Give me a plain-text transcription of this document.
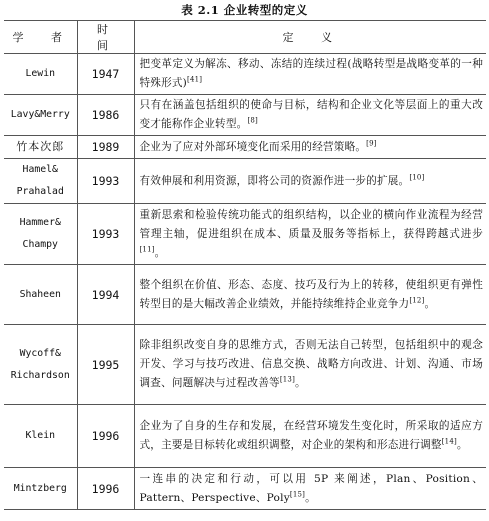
表 2.1 企业转型的定义
学 者	时 间	定 义
Lewin	1947	把变革定义为解冻、移动、冻结的连续过程(战略转型是战略变革的一种特殊形式)[41]
Lavy&Merry	1986	只有在涵盖包括组织的使命与目标，结构和企业文化等层面上的重大改变才能称作企业转型。[8]
竹本次郎	1989	企业为了应对外部环境变化而采用的经营策略。[9]
Hamel&
Prahalad	1993	有效伸展和利用资源，即将公司的资源作进一步的扩展。[10]
Hammer&
Champy	1993	重新思索和检验传统功能式的组织结构，以企业的横向作业流程为经营管理主轴，促进组织在成本、质量及服务等指标上，获得跨越式进步[11]。
Shaheen	1994	整个组织在价值、形态、态度、技巧及行为上的转移，使组织更有弹性转型目的是大幅改善企业绩效，并能持续维持企业竞争力[12]。
Wycoff&
Richardson	1995	除非组织改变自身的思维方式，否则无法自己转型，包括组织中的观念开发、学习与技巧改进、信息交换、战略方向改进、计划、沟通、市场调查、问题解决与过程改善等[13]。
Klein	1996	企业为了自身的生存和发展，在经营环境发生变化时，所采取的适应方式，主要是目标转化或组织调整，对企业的架构和形态进行调整[14]。
Mintzberg	1996	一连串的决定和行动，可以用 5P 来阐述，Plan、Position、Pattern、Perspective、Poly[15]。
